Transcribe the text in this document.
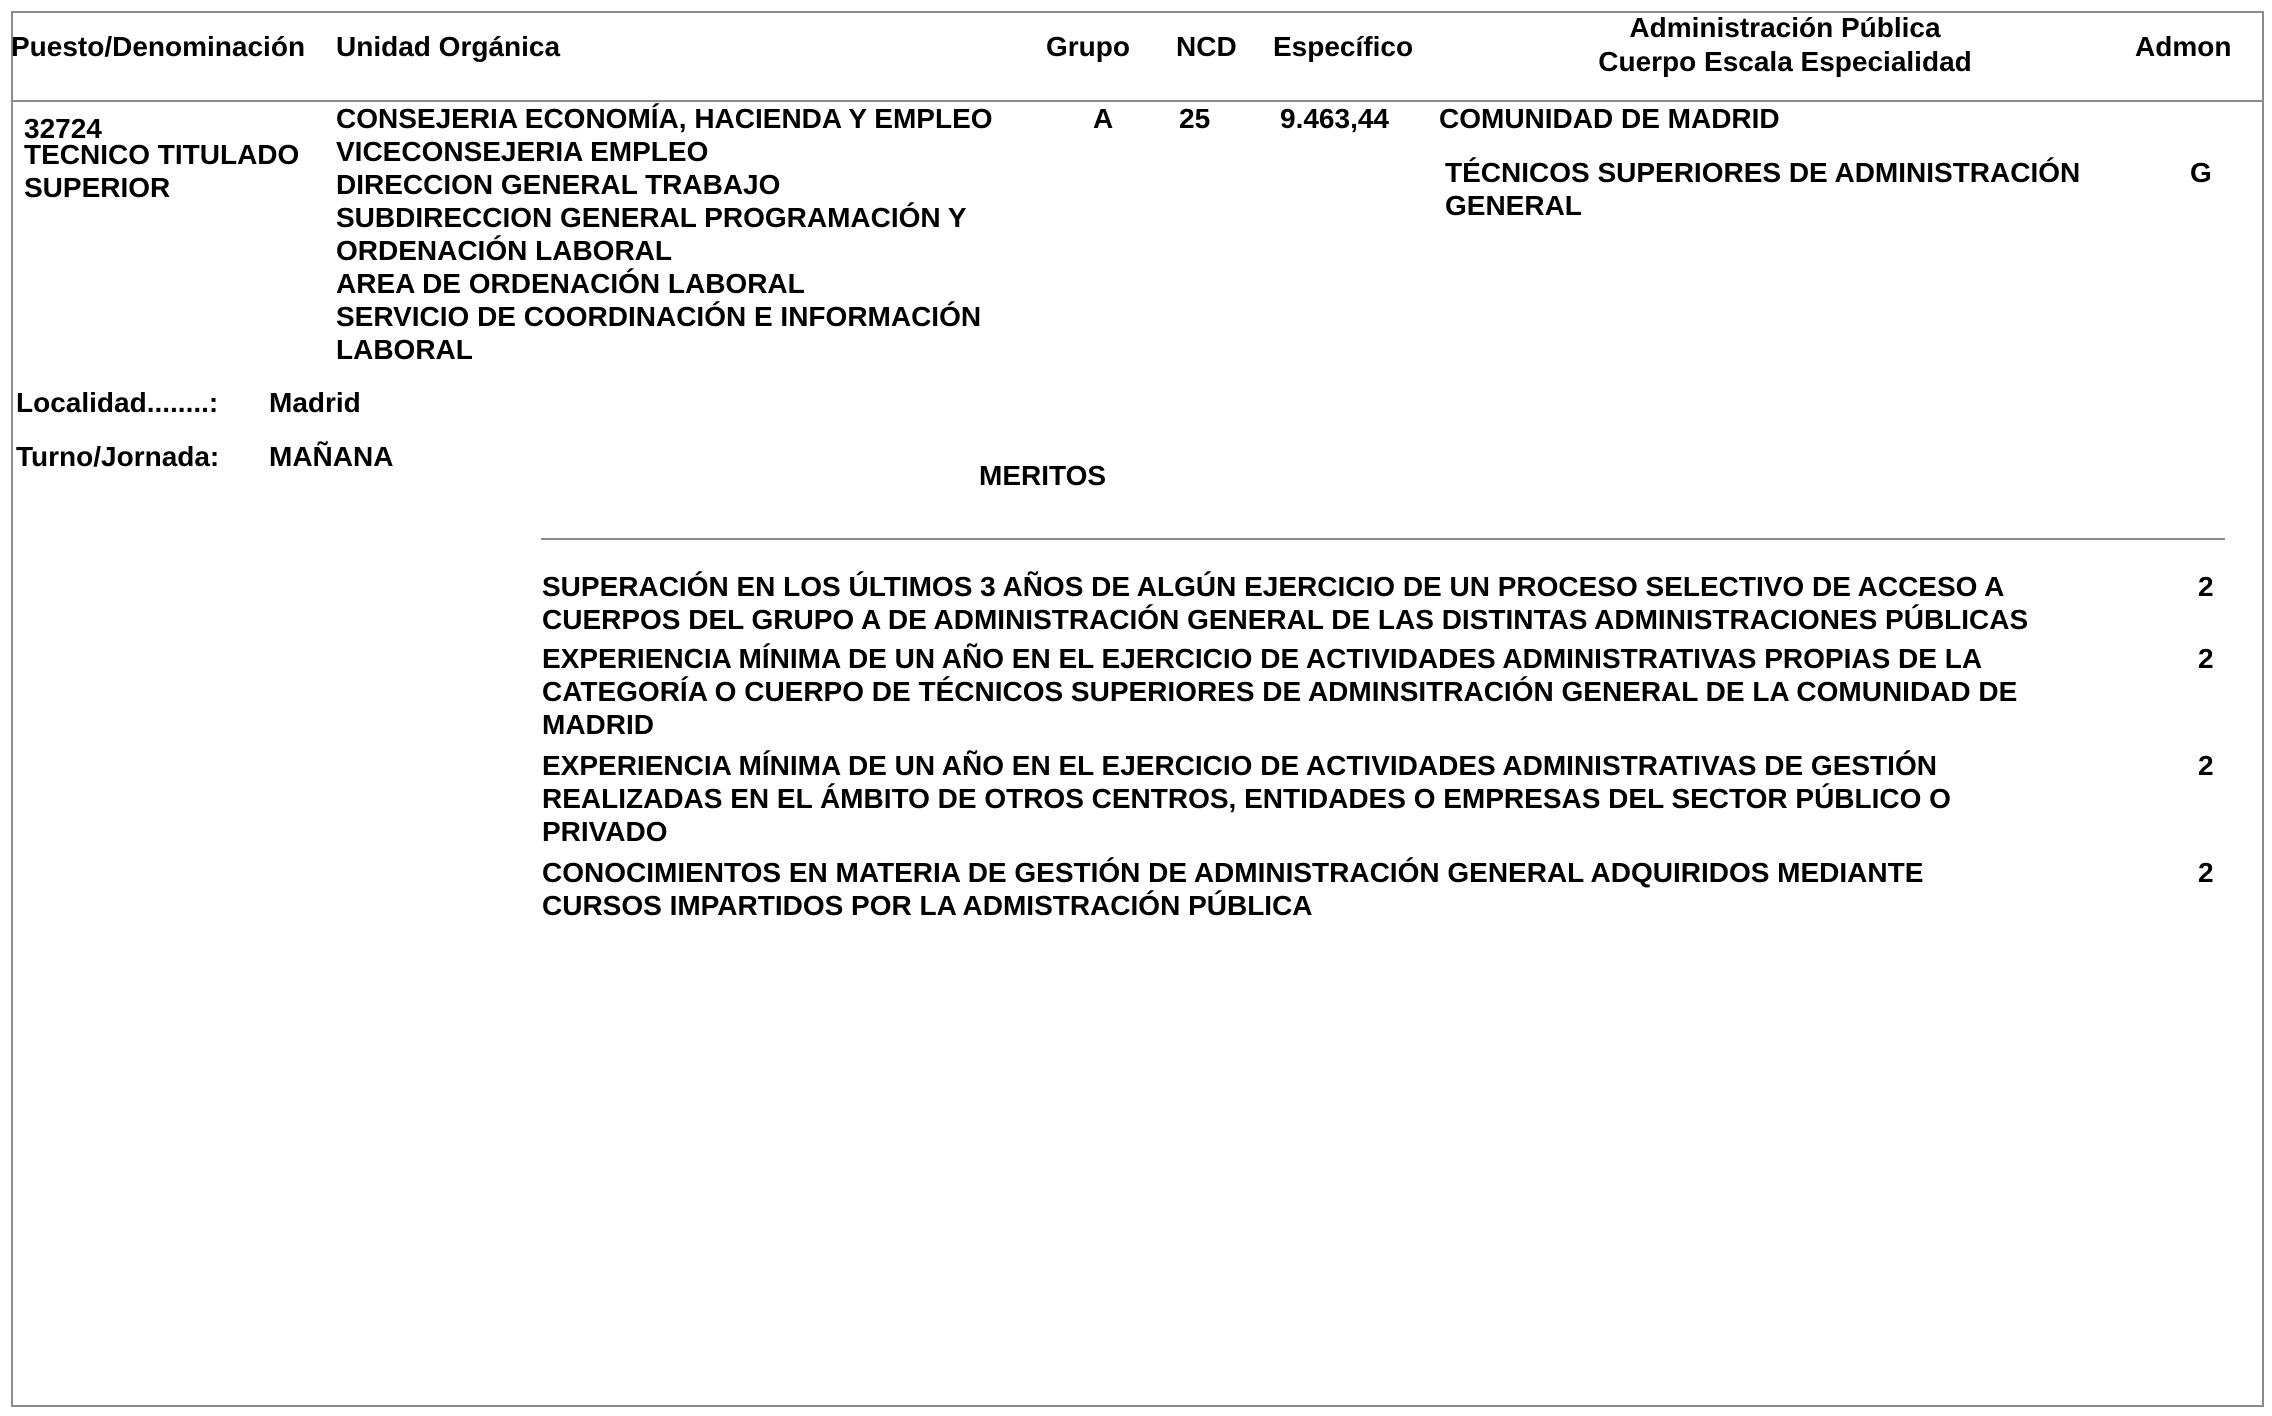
Puesto/Denominación Unidad Orgánica	Grupo NCD Específico
Administración Pública
Cuerpo Escala Especialidad	Admon
32724
TECNICO TITULADO
SUPERIOR
CONSEJERIA ECONOMÍA, HACIENDA Y EMPLEO
VICECONSEJERIA EMPLEO
DIRECCION GENERAL TRABAJO
SUBDIRECCION GENERAL PROGRAMACIÓN Y
ORDENACIÓN LABORAL
AREA DE ORDENACIÓN LABORAL
SERVICIO DE COORDINACIÓN E INFORMACIÓN
LABORAL
A 25 9.463,44 COMUNIDAD DE MADRID
TÉCNICOS SUPERIORES DE ADMINISTRACIÓN
GENERAL
G
Localidad........: Madrid
Turno/Jornada: MAÑANA
MERITOS
SUPERACIÓN EN LOS ÚLTIMOS 3 AÑOS DE ALGÚN EJERCICIO DE UN PROCESO SELECTIVO DE ACCESO A
CUERPOS DEL GRUPO A DE ADMINISTRACIÓN GENERAL DE LAS DISTINTAS ADMINISTRACIONES PÚBLICAS
2
EXPERIENCIA MÍNIMA DE UN AÑO EN EL EJERCICIO DE ACTIVIDADES ADMINISTRATIVAS PROPIAS DE LA
CATEGORÍA O CUERPO DE TÉCNICOS SUPERIORES DE ADMINSITRACIÓN GENERAL DE LA COMUNIDAD DE
MADRID
2
EXPERIENCIA MÍNIMA DE UN AÑO EN EL EJERCICIO DE ACTIVIDADES ADMINISTRATIVAS DE GESTIÓN
REALIZADAS EN EL ÁMBITO DE OTROS CENTROS, ENTIDADES O EMPRESAS DEL SECTOR PÚBLICO O
PRIVADO
2
CONOCIMIENTOS EN MATERIA DE GESTIÓN DE ADMINISTRACIÓN GENERAL ADQUIRIDOS MEDIANTE
CURSOS IMPARTIDOS POR LA ADMISTRACIÓN PÚBLICA
2
